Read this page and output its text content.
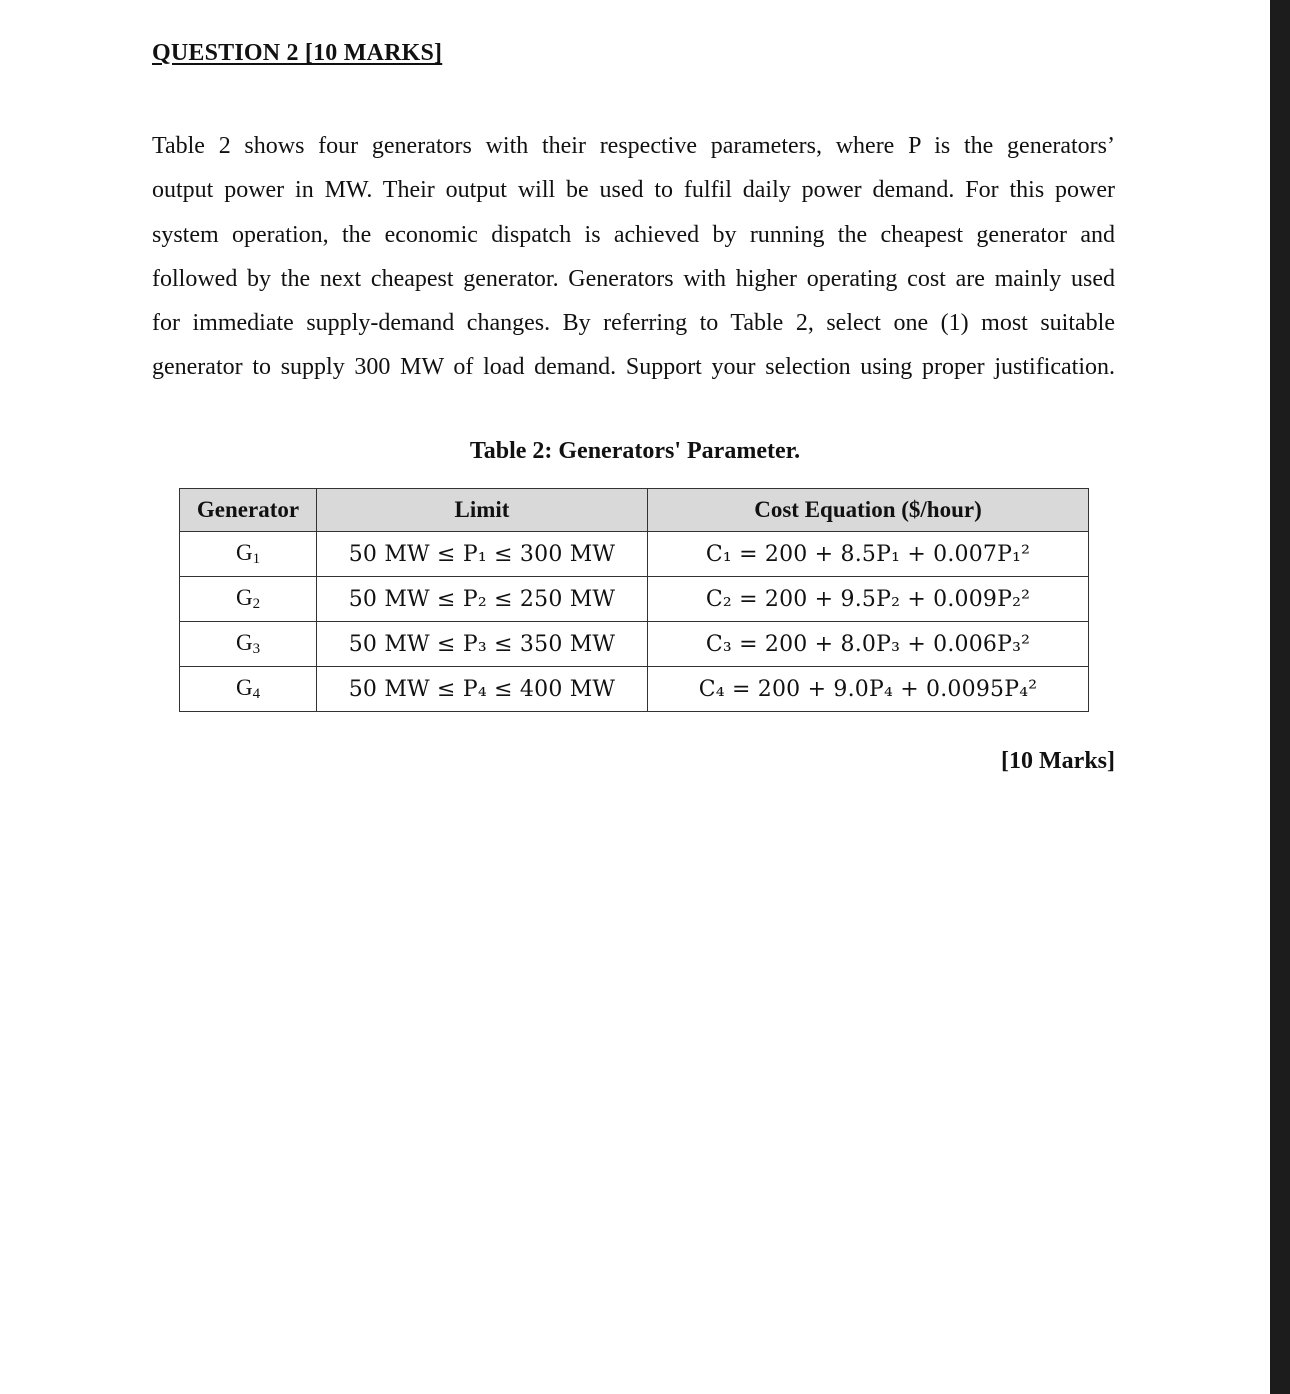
QUESTION 2 [10 MARKS]
Table 2 shows four generators with their respective parameters, where P is the generators’
output power in MW. Their output will be used to fulfil daily power demand. For this power
system operation, the economic dispatch is achieved by running the cheapest generator and
followed by the next cheapest generator. Generators with higher operating cost are mainly used
for immediate supply-demand changes. By referring to Table 2, select one (1) most suitable
generator to supply 300 MW of load demand. Support your selection using proper justification.
Table 2: Generators' Parameter.
Generator	Limit	Cost Equation ($/hour)
$G_1$	50 MW ≤ P₁ ≤ 300 MW	C₁ = 200 + 8.5P₁ + 0.007P₁²
$G_2$	50 MW ≤ P₂ ≤ 250 MW	C₂ = 200 + 9.5P₂ + 0.009P₂²
$G_3$	50 MW ≤ P₃ ≤ 350 MW	C₃ = 200 + 8.0P₃ + 0.006P₃²
$G_4$	50 MW ≤ P₄ ≤ 400 MW	C₄ = 200 + 9.0P₄ + 0.0095P₄²
[10 Marks]
